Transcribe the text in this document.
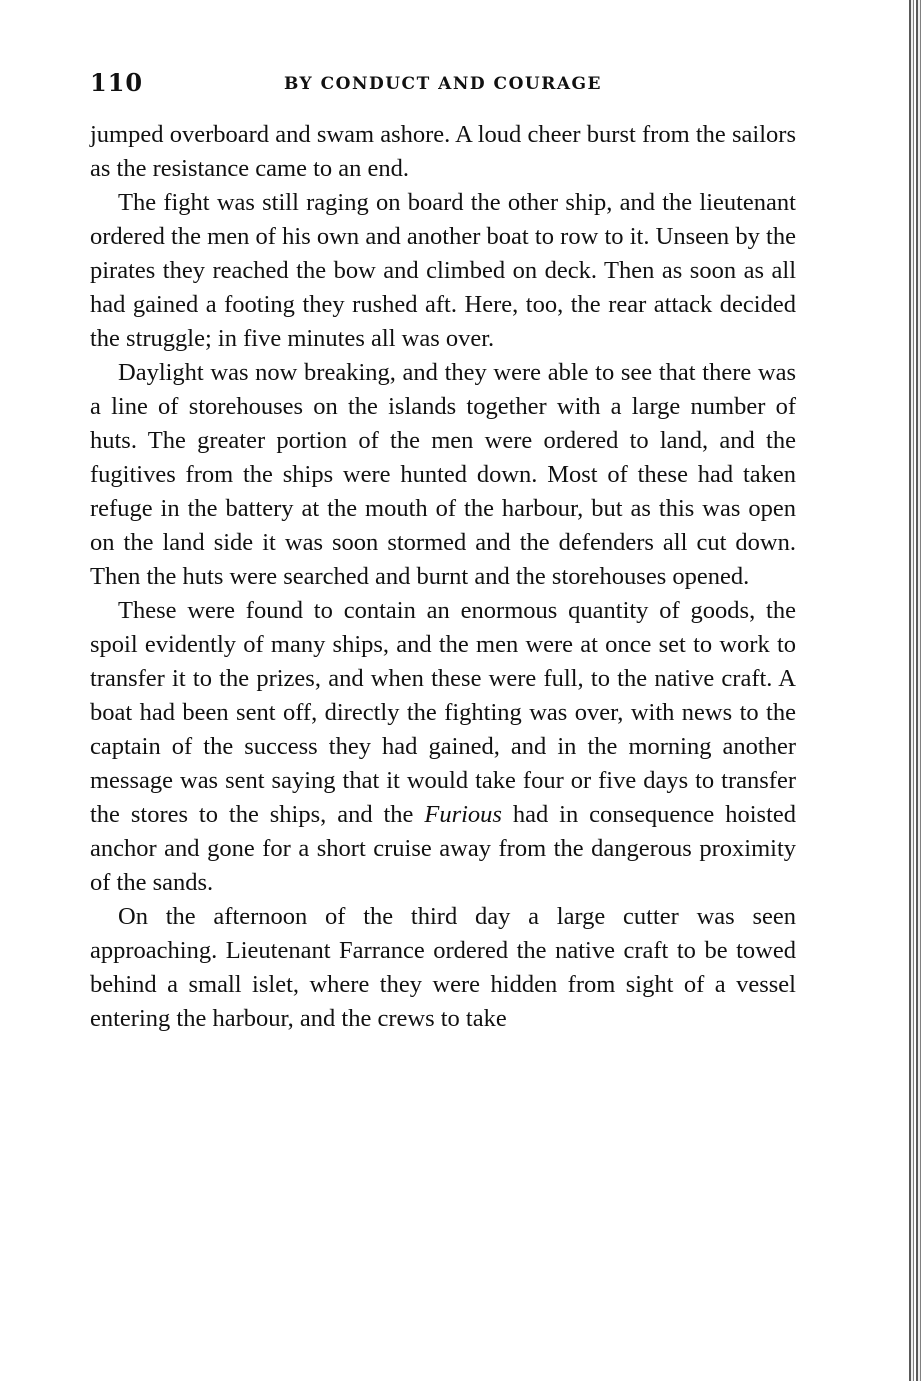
110	BY CONDUCT AND COURAGE

jumped overboard and swam ashore. A loud cheer burst from the sailors as the resistance came to an end.

The fight was still raging on board the other ship, and the lieutenant ordered the men of his own and another boat to row to it. Unseen by the pirates they reached the bow and climbed on deck. Then as soon as all had gained a footing they rushed aft. Here, too, the rear attack decided the struggle; in five minutes all was over.

Daylight was now breaking, and they were able to see that there was a line of storehouses on the islands together with a large number of huts. The greater portion of the men were ordered to land, and the fugitives from the ships were hunted down. Most of these had taken refuge in the battery at the mouth of the harbour, but as this was open on the land side it was soon stormed and the defenders all cut down. Then the huts were searched and burnt and the storehouses opened.

These were found to contain an enormous quantity of goods, the spoil evidently of many ships, and the men were at once set to work to transfer it to the prizes, and when these were full, to the native craft. A boat had been sent off, directly the fighting was over, with news to the captain of the success they had gained, and in the morning another message was sent saying that it would take four or five days to transfer the stores to the ships, and the Furious had in consequence hoisted anchor and gone for a short cruise away from the dangerous proximity of the sands.

On the afternoon of the third day a large cutter was seen approaching. Lieutenant Farrance ordered the native craft to be towed behind a small islet, where they were hidden from sight of a vessel entering the harbour, and the crews to take
